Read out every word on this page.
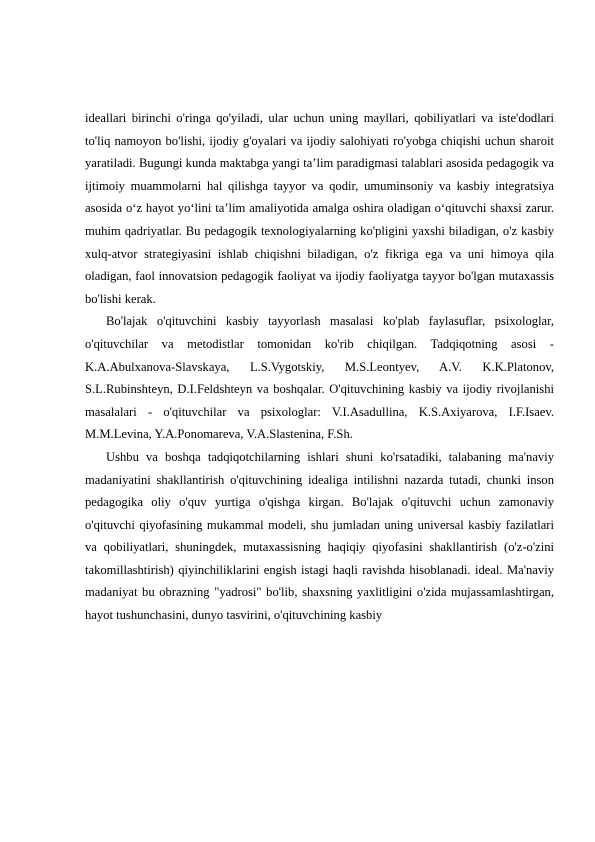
ideallari birinchi o'ringa qo'yiladi, ular uchun uning mayllari, qobiliyatlari va iste'dodlari to'liq namoyon bo'lishi, ijodiy g'oyalari va ijodiy salohiyati ro'yobga chiqishi uchun sharoit yaratiladi. Bugungi kunda maktabga yangi ta’lim paradigmasi talablari asosida pedagogik va ijtimoiy muammolarni hal qilishga tayyor va qodir, umuminsoniy va kasbiy integratsiya asosida o‘z hayot yo‘lini ta’lim amaliyotida amalga oshira oladigan o‘qituvchi shaxsi zarur. muhim qadriyatlar. Bu pedagogik texnologiyalarning ko'pligini yaxshi biladigan, o'z kasbiy xulq-atvor strategiyasini ishlab chiqishni biladigan, o'z fikriga ega va uni himoya qila oladigan, faol innovatsion pedagogik faoliyat va ijodiy faoliyatga tayyor bo'lgan mutaxassis bo'lishi kerak.

Bo'lajak o'qituvchini kasbiy tayyorlash masalasi ko'plab faylasuflar, psixologlar, o'qituvchilar va metodistlar tomonidan ko'rib chiqilgan. Tadqiqotning asosi - K.A.Abulxanova-Slavskaya, L.S.Vygotskiy, M.S.Leontyev, A.V. K.K.Platonov, S.L.Rubinshteyn, D.I.Feldshteyn va boshqalar. O'qituvchining kasbiy va ijodiy rivojlanishi masalalari - o'qituvchilar va psixologlar: V.I.Asadullina, K.S.Axiyarova, I.F.Isaev. M.M.Levina, Y.A.Ponomareva, V.A.Slastenina, F.Sh.

Ushbu va boshqa tadqiqotchilarning ishlari shuni ko'rsatadiki, talabaning ma'naviy madaniyatini shakllantirish o'qituvchining idealiga intilishni nazarda tutadi, chunki inson pedagogika oliy o'quv yurtiga o'qishga kirgan. Bo'lajak o'qituvchi uchun zamonaviy o'qituvchi qiyofasining mukammal modeli, shu jumladan uning universal kasbiy fazilatlari va qobiliyatlari, shuningdek, mutaxassisning haqiqiy qiyofasini shakllantirish (o'z-o'zini takomillashtirish) qiyinchiliklarini engish istagi haqli ravishda hisoblanadi. ideal. Ma'naviy madaniyat bu obrazning "yadrosi" bo'lib, shaxsning yaxlitligini o'zida mujassamlashtirgan, hayot tushunchasini, dunyo tasvirini, o'qituvchining kasbiy
